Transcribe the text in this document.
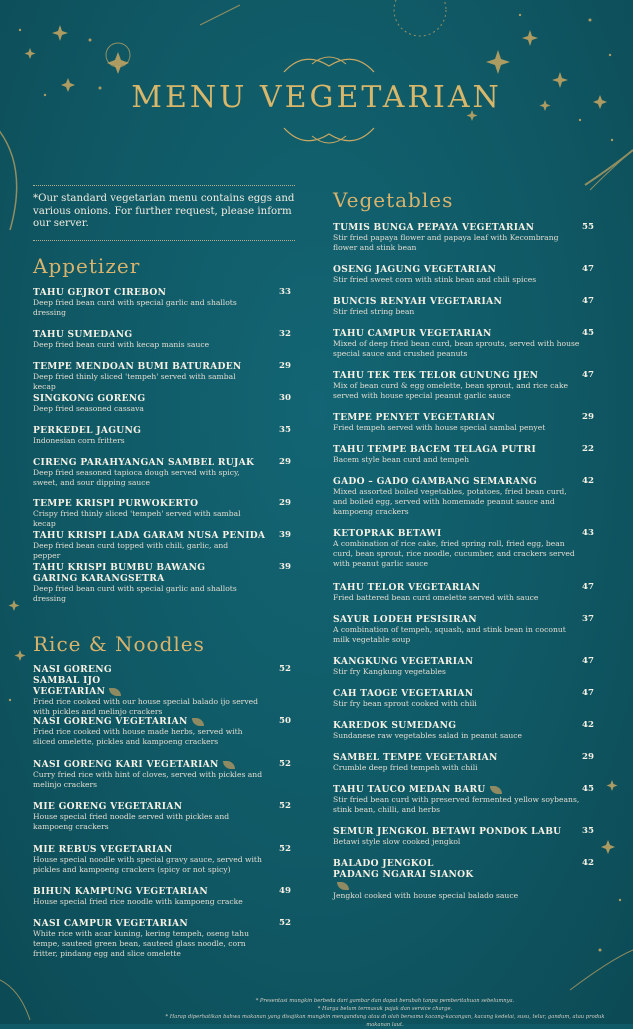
MENU VEGETARIAN
*Our standard vegetarian menu contains eggs and various onions. For further request, please inform our server.
Appetizer
Rice & Noodles
Vegetables
TAHU GEJROT CIREBON
Deep fried bean curd with special garlic and shallots dressing
33
TAHU SUMEDANG
Deep fried bean curd with kecap manis sauce
32
TEMPE MENDOAN BUMI BATURADEN
Deep fried thinly sliced 'tempeh' served with sambal kecap
29
SINGKONG GORENG
Deep fried seasoned cassava
30
PERKEDEL JAGUNG
Indonesian corn fritters
35
CIRENG PARAHYANGAN SAMBEL RUJAK
Deep fried seasoned tapioca dough served with spicy, sweet, and sour dipping sauce
29
TEMPE KRISPI PURWOKERTO
Crispy fried thinly sliced 'tempeh' served with sambal kecap
29
TAHU KRISPI LADA GARAM NUSA PENIDA
Deep fried bean curd topped with chili, garlic, and pepper
39
TAHU KRISPI BUMBU BAWANG GARING KARANGSETRA
Deep fried bean curd with special garlic and shallots dressing
39
NASI GORENG SAMBAL IJO VEGETARIAN
Fried rice cooked with our house special balado ijo served with pickles and melinjo crackers
52
NASI GORENG VEGETARIAN
Fried rice cooked with house made herbs, served with sliced omelette, pickles and kampoeng crackers
50
NASI GORENG KARI VEGETARIAN
Curry fried rice with hint of cloves, served with pickles and melinjo crackers
52
MIE GORENG VEGETARIAN
House special fried noodle served with pickles and kampoeng crackers
52
MIE REBUS VEGETARIAN
House special noodle with special gravy sauce, served with pickles and kampoeng crackers (spicy or not spicy)
52
BIHUN KAMPUNG VEGETARIAN
House special fried rice noodle with kampoeng cracke
49
NASI CAMPUR VEGETARIAN
White rice with acar kuning, kering tempeh, oseng tahu tempe, sauteed green bean, sauteed glass noodle, corn fritter, pindang egg and slice omelette
52
TUMIS BUNGA PEPAYA VEGETARIAN
Stir fried papaya flower and papaya leaf with Kecombrang flower and stink bean
55
OSENG JAGUNG VEGETARIAN
Stir fried sweet corn with stink bean and chili spices
47
BUNCIS RENYAH VEGETARIAN
Stir fried string bean
47
TAHU CAMPUR VEGETARIAN
Mixed of deep fried bean curd, bean sprouts, served with house special sauce and crushed peanuts
45
TAHU TEK TEK TELOR GUNUNG IJEN
Mix of bean curd & egg omelette, bean sprout, and rice cake served with house special peanut garlic sauce
47
TEMPE PENYET VEGETARIAN
Fried tempeh served with house special sambal penyet
29
TAHU TEMPE BACEM TELAGA PUTRI
Bacem style bean curd and tempeh
22
GADO – GADO GAMBANG SEMARANG
Mixed assorted boiled vegetables, potatoes, fried bean curd, and boiled egg, served with homemade peanut sauce and kampoeng crackers
42
KETOPRAK BETAWI
A combination of rice cake, fried spring roll, fried egg, bean curd, bean sprout, rice noodle, cucumber, and crackers served with peanut garlic sauce
43
TAHU TELOR VEGETARIAN
Fried battered bean curd omelette served with sauce
47
SAYUR LODEH PESISIRAN
A combination of tempeh, squash, and stink bean in coconut milk vegetable soup
37
KANGKUNG VEGETARIAN
Stir fry Kangkung vegetables
47
CAH TAOGE VEGETARIAN
Stir fry bean sprout cooked with chili
47
KAREDOK SUMEDANG
Sundanese raw vegetables salad in peanut sauce
42
SAMBEL TEMPE VEGETARIAN
Crumble deep fried tempeh with chili
29
TAHU TAUCO MEDAN BARU
Stir fried bean curd with preserved fermented yellow soybeans, stink bean, chilli, and herbs
45
SEMUR JENGKOL BETAWI PONDOK LABU
Betawi style slow cooked jengkol
35
BALADO JENGKOL PADANG NGARAI SIANOK
Jengkol cooked with house special balado sauce
42
* Presentasi mungkin berbeda dari gambar dan dapat berubah tanpa pemberitahuan sebelumnya.
* Harga belum termasuk pajak dan service charge.
* Harap diperhatikan bahwa makanan yang disajikan mungkin mengandung atau di olah bersama kacang-kacangan, kacang kedelai, susu, telur, gandum, atau produk makanan laut.
